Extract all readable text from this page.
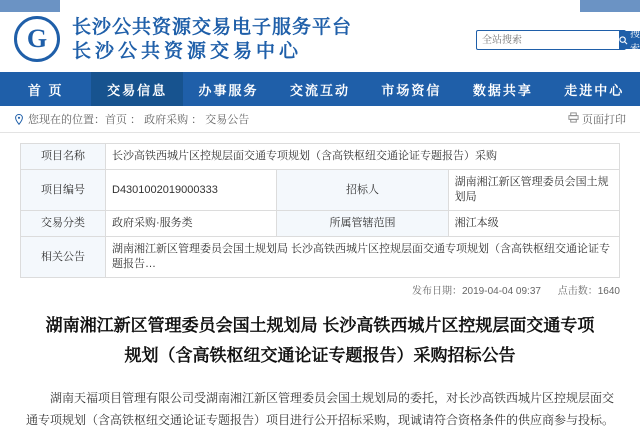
G 长沙公共资源交易电子服务平台
长沙公共资源交易中心
全站搜索
搜索
首 页	交易信息	办事服务	交流互动	市场资信	数据共享	走进中心
您现在的位置： 首页 ： 政府采购 ： 交易公告	页面打印
项目名称	长沙高铁西城片区控规层面交通专项规划（含高铁枢纽交通论证专题报告）采购		
项目编号	D4301002019000333	招标人	湖南湘江新区管理委员会国土规划局
交易分类	政府采购·服务类	所属管辖范围	湘江本级
相关公告	湖南湘江新区管理委员会国土规划局 长沙高铁西城片区控规层面交通专项规划（含高铁枢纽交通论证专题报告…		
发布日期：2019-04-04 09:37 点击数：1640
湖南湘江新区管理委员会国土规划局 长沙高铁西城片区控规层面交通专项规划（含高铁枢纽交通论证专题报告）采购招标公告

湖南天福项目管理有限公司受湖南湘江新区管理委员会国土规划局的委托，对长沙高铁西城片区控规层面交通专项规划（含高铁枢纽交通论证专题报告）项目进行公开招标采购，现诚请符合资格条件的供应商参与投标。
